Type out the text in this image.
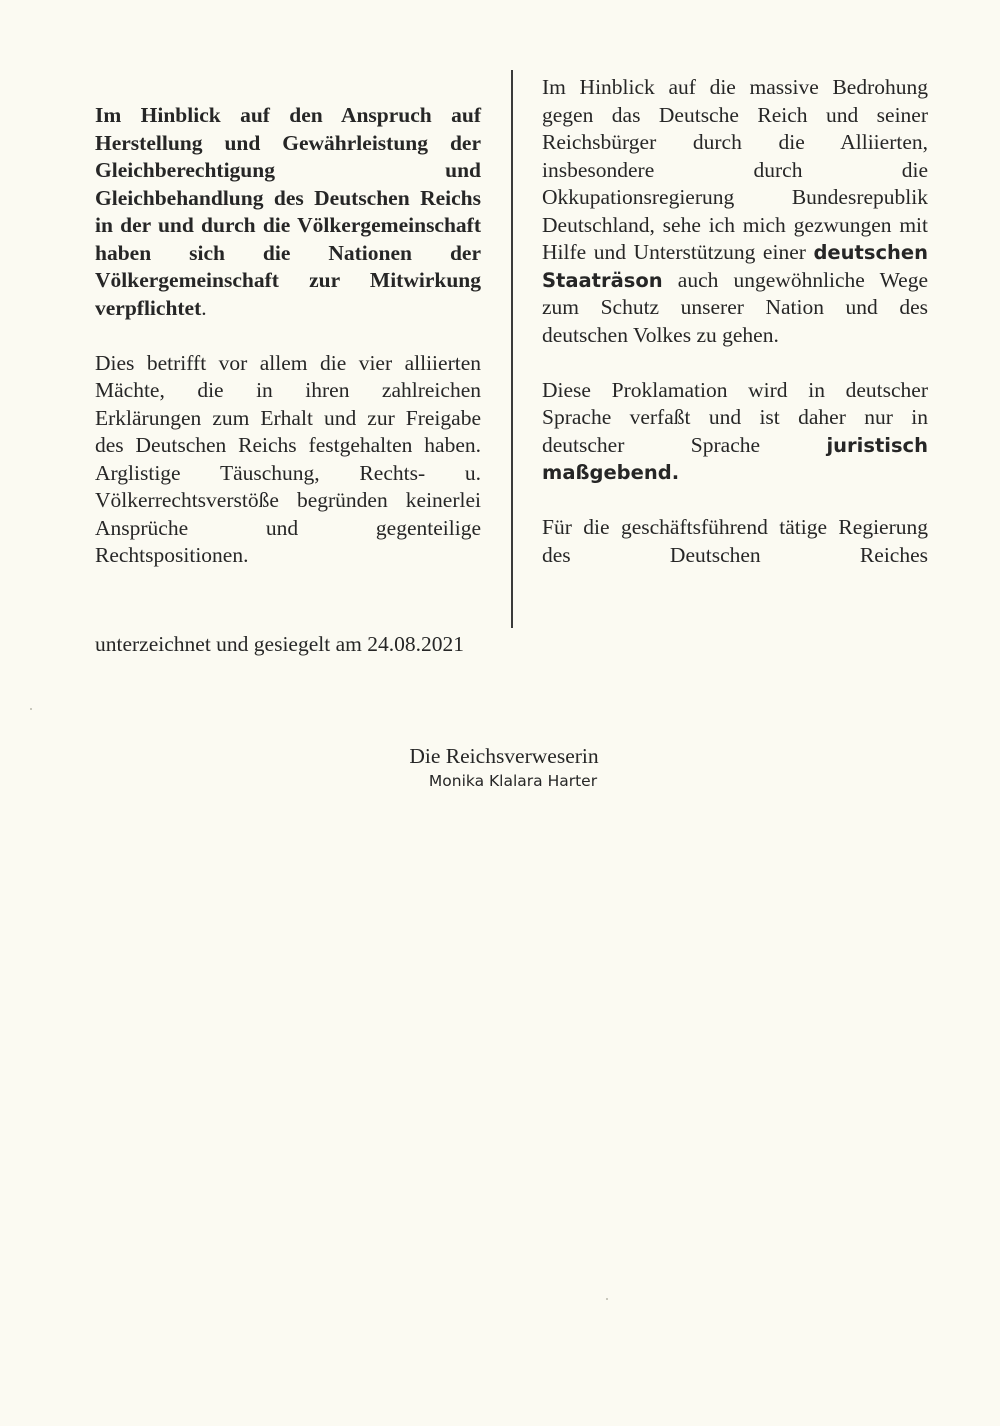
Im Hinblick auf den Anspruch auf Herstellung und Gewährleistung der Gleichberechtigung und Gleichbehandlung des Deutschen Reichs in der und durch die Völkergemeinschaft haben sich die Nationen der Völkergemeinschaft zur Mitwirkung verpflichtet.

Dies betrifft vor allem die vier alliierten Mächte, die in ihren zahlreichen Erklärungen zum Erhalt und zur Freigabe des Deutschen Reichs festgehalten haben. Arglistige Täuschung, Rechts- u. Völkerrechtsverstöße begründen keinerlei Ansprüche und gegenteilige Rechtspositionen.

Im Hinblick auf die massive Bedrohung gegen das Deutsche Reich und seiner Reichsbürger durch die Alliierten, insbesondere durch die Okkupationsregierung Bundesrepublik Deutschland, sehe ich mich gezwungen mit Hilfe und Unterstützung einer deutschen Staaträson auch ungewöhnliche Wege zum Schutz unserer Nation und des deutschen Volkes zu gehen.

Diese Proklamation wird in deutscher Sprache verfaßt und ist daher nur in deutscher Sprache	juristisch maßgebend.

Für die geschäftsführend tätige Regierung des Deutschen Reiches

unterzeichnet und gesiegelt am 24.08.2021
Die Reichsverweserin
Monika Klalara Harter
